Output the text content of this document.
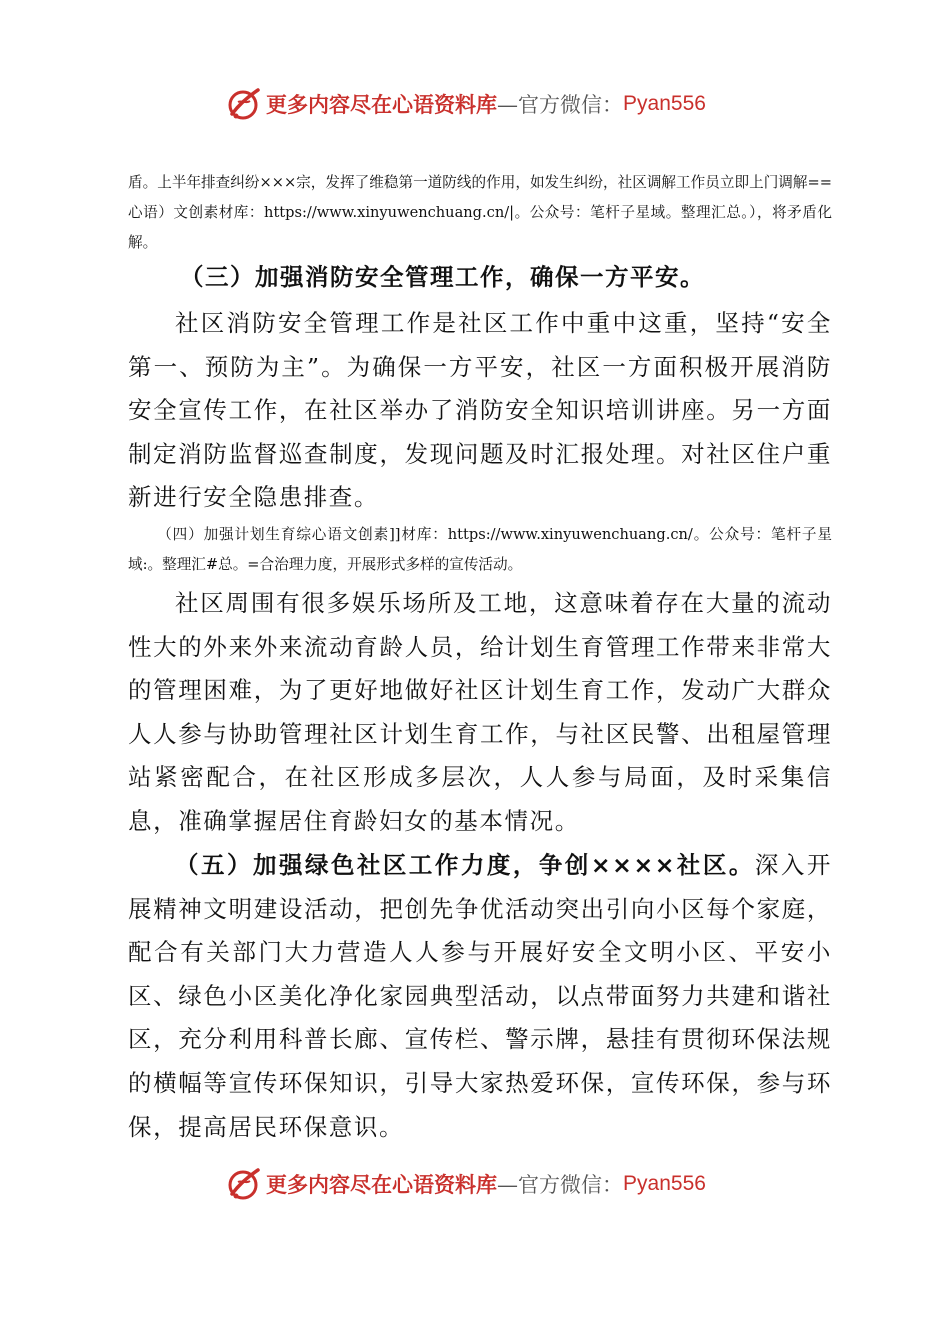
更多内容尽在心语资料库 —官方微信： Pyan556

盾。上半年排查纠纷×××宗，发挥了维稳第一道防线的作用，如发生纠纷，社区调解工作员立即上门调解==心语）文创素材库：https://www.xinyuwenchuang.cn/|。公众号：笔杆子星域。整理汇总。），将矛盾化解。

（三）加强消防安全管理工作，确保一方平安。

社区消防安全管理工作是社区工作中重中这重，坚持“安全第一、预防为主”。为确保一方平安，社区一方面积极开展消防安全宣传工作，在社区举办了消防安全知识培训讲座。另一方面制定消防监督巡查制度，发现问题及时汇报处理。对社区住户重新进行安全隐患排查。

（四）加强计划生育综心语文创素]]材库：https://www.xinyuwenchuang.cn/。公众号：笔杆子星域:。整理汇#总。=合治理力度，开展形式多样的宣传活动。

社区周围有很多娱乐场所及工地，这意味着存在大量的流动性大的外来外来流动育龄人员，给计划生育管理工作带来非常大的管理困难，为了更好地做好社区计划生育工作，发动广大群众人人参与协助管理社区计划生育工作，与社区民警、出租屋管理站紧密配合，在社区形成多层次，人人参与局面，及时采集信息，准确掌握居住育龄妇女的基本情况。

（五）加强绿色社区工作力度，争创××××社区。深入开展精神文明建设活动，把创先争优活动突出引向小区每个家庭，配合有关部门大力营造人人参与开展好安全文明小区、平安小区、绿色小区美化净化家园典型活动，以点带面努力共建和谐社区，充分利用科普长廊、宣传栏、警示牌，悬挂有贯彻环保法规的横幅等宣传环保知识，引导大家热爱环保，宣传环保，参与环保，提高居民环保意识。

更多内容尽在心语资料库 —官方微信： Pyan556
